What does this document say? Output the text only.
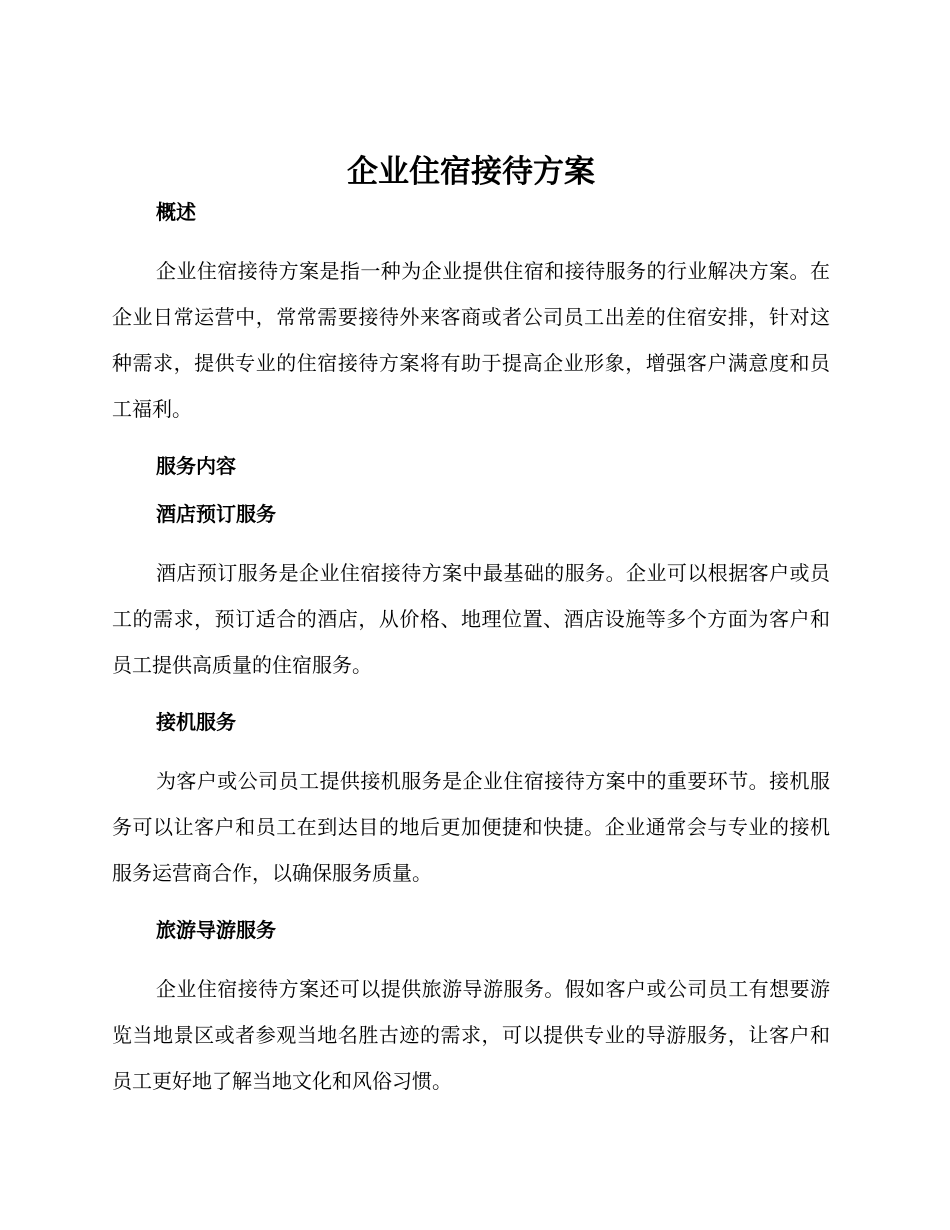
企业住宿接待方案
概述

企业住宿接待方案是指一种为企业提供住宿和接待服务的行业解决方案。在企业日常运营中，常常需要接待外来客商或者公司员工出差的住宿安排，针对这种需求，提供专业的住宿接待方案将有助于提高企业形象，增强客户满意度和员工福利。

服务内容
酒店预订服务

酒店预订服务是企业住宿接待方案中最基础的服务。企业可以根据客户或员工的需求，预订适合的酒店，从价格、地理位置、酒店设施等多个方面为客户和员工提供高质量的住宿服务。

接机服务

为客户或公司员工提供接机服务是企业住宿接待方案中的重要环节。接机服务可以让客户和员工在到达目的地后更加便捷和快捷。企业通常会与专业的接机服务运营商合作，以确保服务质量。

旅游导游服务

企业住宿接待方案还可以提供旅游导游服务。假如客户或公司员工有想要游览当地景区或者参观当地名胜古迹的需求，可以提供专业的导游服务，让客户和员工更好地了解当地文化和风俗习惯。
